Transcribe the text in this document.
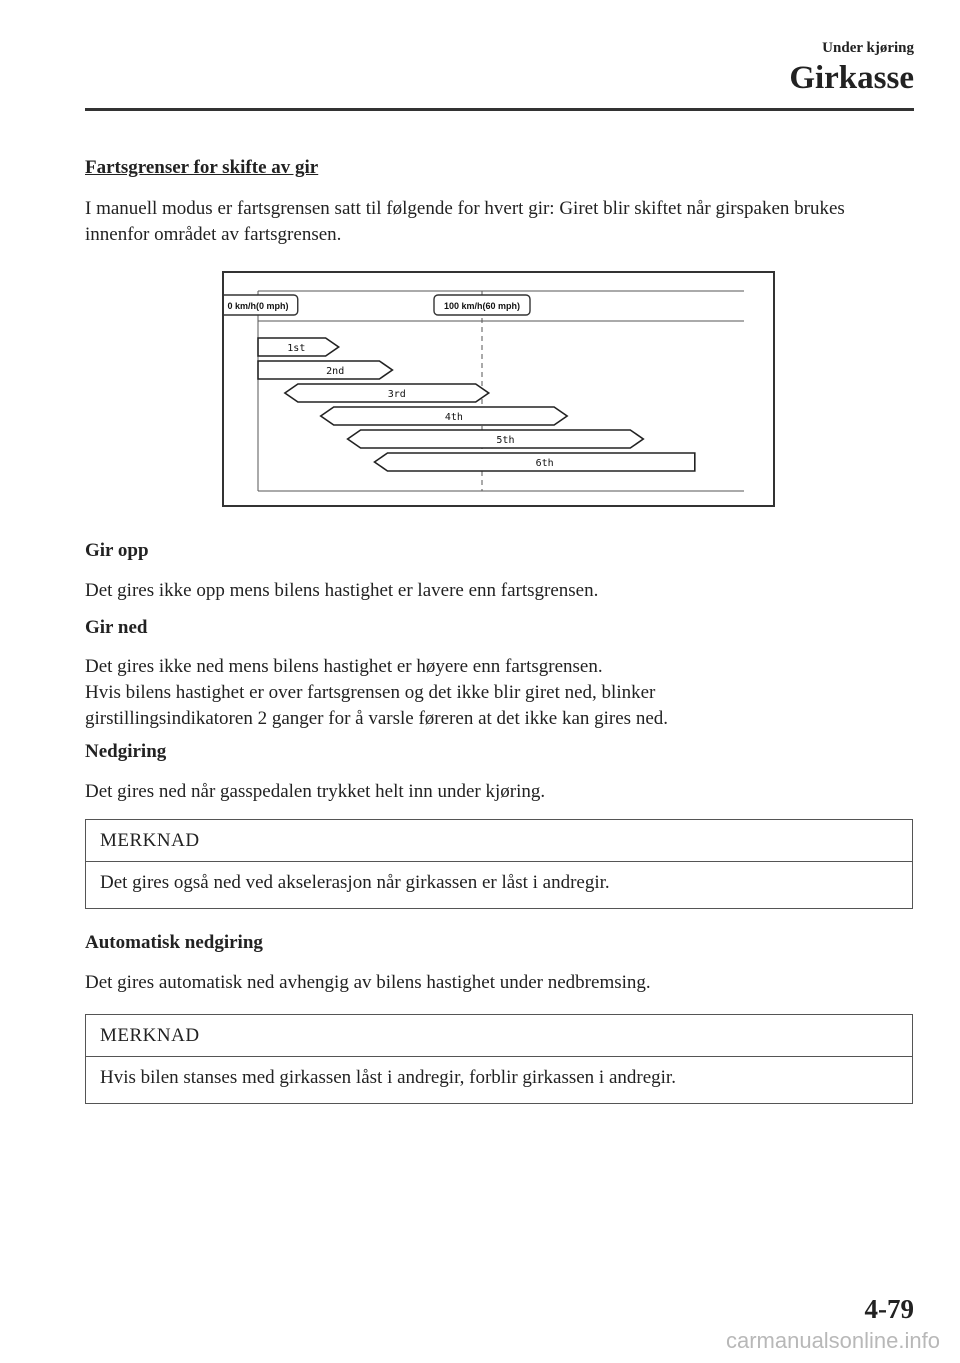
Under kjøring
Girkasse
Fartsgrenser for skifte av gir
I manuell modus er fartsgrensen satt til følgende for hvert gir: Giret blir skiftet når girspaken brukes innenfor området av fartsgrensen.
0 km/h(0 mph)	100 km/h(60 mph)
1st
2nd
3rd
4th
5th
6th
Gir opp
Det gires ikke opp mens bilens hastighet er lavere enn fartsgrensen.
Gir ned
Det gires ikke ned mens bilens hastighet er høyere enn fartsgrensen.
Hvis bilens hastighet er over fartsgrensen og det ikke blir giret ned, blinker
girstillingsindikatoren 2 ganger for å varsle føreren at det ikke kan gires ned.
Nedgiring
Det gires ned når gasspedalen trykket helt inn under kjøring.
MERKNAD
Det gires også ned ved akselerasjon når girkassen er låst i andregir.
Automatisk nedgiring
Det gires automatisk ned avhengig av bilens hastighet under nedbremsing.
MERKNAD
Hvis bilen stanses med girkassen låst i andregir, forblir girkassen i andregir.
4-79
carmanualsonline.info
